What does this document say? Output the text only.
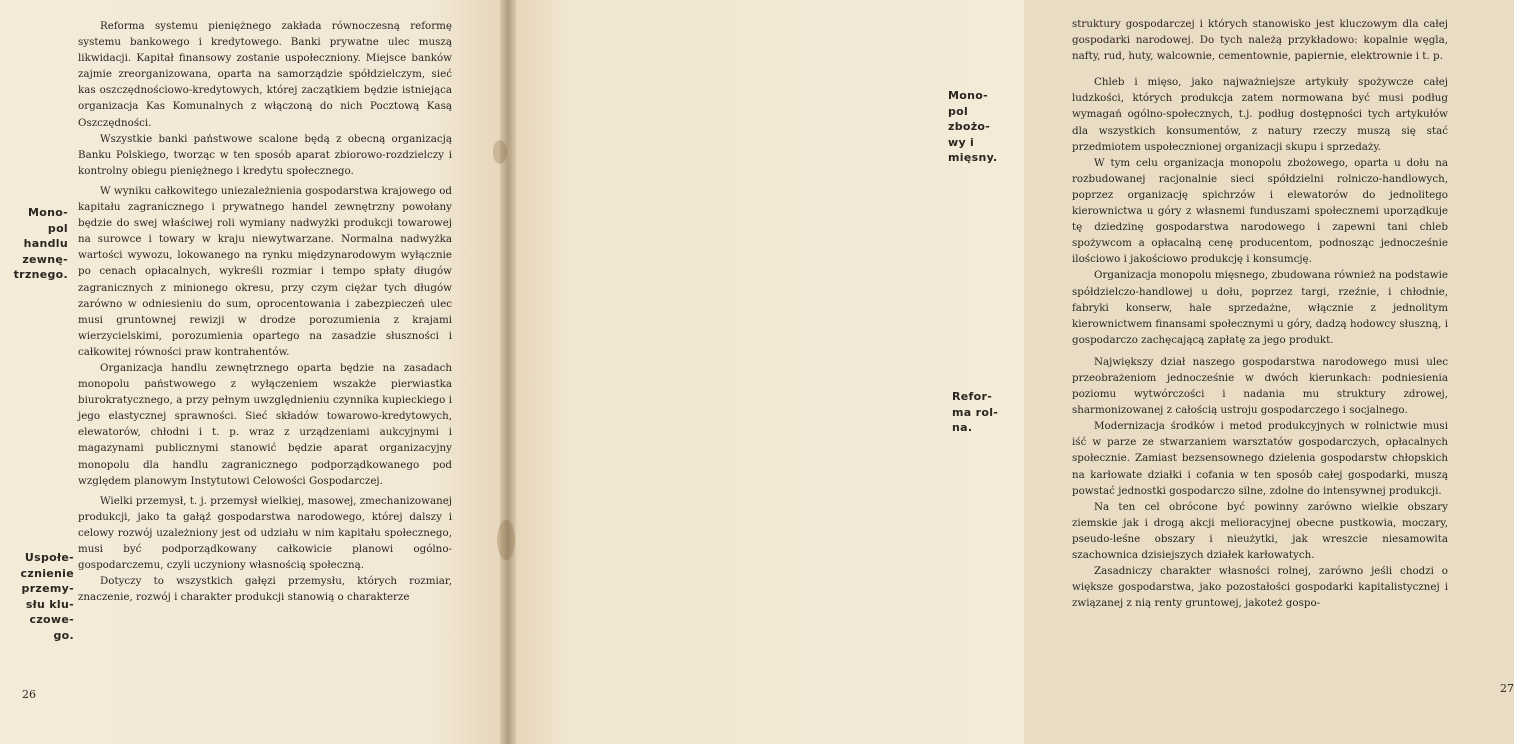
Reforma systemu pieniężnego zakłada równoczesną reformę systemu bankowego i kredytowego. Banki prywatne ulec muszą likwidacji. Kapitał finansowy zostanie uspołeczniony. Miejsce banków zajmie zreorganizowana, oparta na samorządzie spółdzielczym, sieć kas oszczędnościowo-kredytowych, której zaczątkiem będzie istniejąca organizacja Kas Komunalnych z włączoną do nich Pocztową Kasą Oszczędności.

Wszystkie banki państwowe scalone będą z obecną organizacją Banku Polskiego, tworząc w ten sposób aparat zbiorowo-rozdzielczy i kontrolny obiegu pieniężnego i kredytu społecznego.

W wyniku całkowitego uniezależnienia gospodarstwa krajowego od kapitału zagranicznego i prywatnego handel zewnętrzny powołany będzie do swej właściwej roli wymiany nadwyżki produkcji towarowej na surowce i towary w kraju niewytwarzane. Normalna nadwyżka wartości wywozu, lokowanego na rynku międzynarodowym wyłącznie po cenach opłacalnych, wykreśli rozmiar i tempo spłaty długów zagranicznych z minionego okresu, przy czym ciężar tych długów zarówno w odniesieniu do sum, oprocentowania i zabezpieczeń ulec musi gruntownej rewizji w drodze porozumienia z krajami wierzycielskimi, porozumienia opartego na zasadzie słuszności i całkowitej równości praw kontrahentów.

Organizacja handlu zewnętrznego oparta będzie na zasadach monopolu państwowego z wyłączeniem wszakże pierwiastka biurokratycznego, a przy pełnym uwzględnieniu czynnika kupieckiego i jego elastycznej sprawności. Sieć składów towarowo-kredytowych, elewatorów, chłodni i t. p. wraz z urządzeniami aukcyjnymi i magazynami publicznymi stanowić będzie aparat organizacyjny monopolu dla handlu zagranicznego podporządkowanego pod względem planowym Instytutowi Celowości Gospodarczej.

Wielki przemysł, t. j. przemysł wielkiej, masowej, zmechanizowanej produkcji, jako ta gałąź gospodarstwa narodowego, której dalszy i celowy rozwój uzależniony jest od udziału w nim kapitału społecznego, musi być podporządkowany całkowicie planowi ogólno-gospodarczemu, czyli uczyniony własnością społeczną.

Dotyczy to wszystkich gałęzi przemysłu, których rozmiar, znaczenie, rozwój i charakter produkcji stanowią o charakterze

Mono-
pol
handlu
zewnę-
trznego.
Uspołe-
cznienie
przemy-
słu klu-
czowe-
go.
26

struktury gospodarczej i których stanowisko jest kluczowym dla całej gospodarki narodowej. Do tych należą przykładowo: kopalnie węgla, nafty, rud, huty, walcownie, cementownie, papiernie, elektrownie i t. p.

Chleb i mięso, jako najważniejsze artykuły spożywcze całej ludzkości, których produkcja zatem normowana być musi podług wymagań ogólno-społecznych, t.j. podług dostępności tych artykułów dla wszystkich konsumentów, z natury rzeczy muszą się stać przedmiotem uspołecznionej organizacji skupu i sprzedaży.

W tym celu organizacja monopolu zbożowego, oparta u dołu na rozbudowanej racjonalnie sieci spółdzielni rolniczo-handlowych, poprzez organizację spichrzów i elewatorów do jednolitego kierownictwa u góry z własnemi funduszami społecznemi uporządkuje tę dziedzinę gospodarstwa narodowego i zapewni tani chleb spożywcom a opłacalną cenę producentom, podnosząc jednocześnie ilościowo i jakościowo produkcję i konsumcję.

Organizacja monopolu mięsnego, zbudowana również na podstawie spółdzielczo-handlowej u dołu, poprzez targi, rzeźnie, i chłodnie, fabryki konserw, hale sprzedażne, włącznie z jednolitym kierownictwem finansami społecznymi u góry, dadzą hodowcy słuszną, i gospodarczo zachęcającą zapłatę za jego produkt.

Największy dział naszego gospodarstwa narodowego musi ulec przeobrażeniom jednocześnie w dwóch kierunkach: podniesienia poziomu wytwórczości i nadania mu struktury zdrowej, sharmonizowanej z całością ustroju gospodarczego i socjalnego.

Modernizacja środków i metod produkcyjnych w rolnictwie musi iść w parze ze stwarzaniem warsztatów gospodarczych, opłacalnych społecznie. Zamiast bezsensownego dzielenia gospodarstw chłopskich na karłowate działki i cofania w ten sposób całej gospodarki, muszą powstać jednostki gospodarczo silne, zdolne do intensywnej produkcji.

Na ten cel obrócone być powinny zarówno wielkie obszary ziemskie jak i drogą akcji melioracyjnej obecne pustkowia, moczary, pseudo-leśne obszary i nieużytki, jak wreszcie niesamowita szachownica dzisiejszych działek karłowatych.

Zasadniczy charakter własności rolnej, zarówno jeśli chodzi o większe gospodarstwa, jako pozostałości gospodarki kapitalistycznej i związanej z nią renty gruntowej, jakoteż gospo-

27
Mono-
pol
zbożo-
wy i
mięsny.
Refor-
ma rol-
na.
